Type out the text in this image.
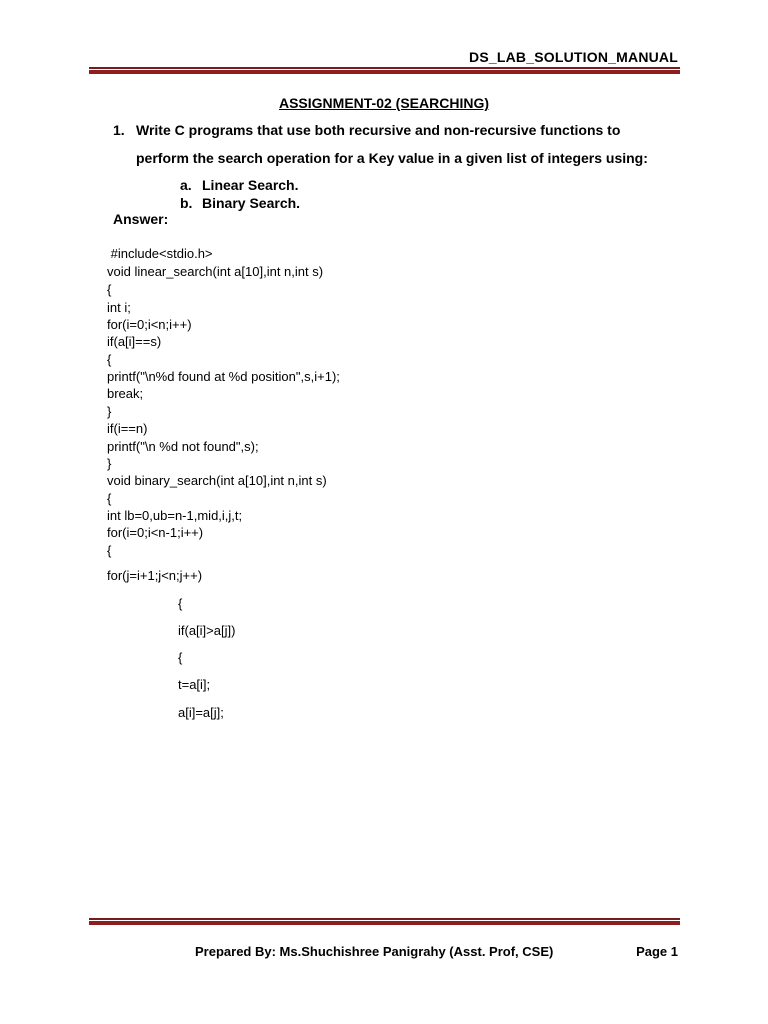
DS_LAB_SOLUTION_MANUAL
ASSIGNMENT-02 (SEARCHING)
1. Write C programs that use both recursive and non-recursive functions to
perform the search operation for a Key value in a given list of integers using:
a. Linear Search.
b. Binary Search.
Answer:
#include<stdio.h>
void linear_search(int a[10],int n,int s)
{
int i;
for(i=0;i<n;i++)
if(a[i]==s)
{
printf("\n%d found at %d position",s,i+1);
break;
}
if(i==n)
printf("\n %d not found",s);
}
void binary_search(int a[10],int n,int s)
{
int lb=0,ub=n-1,mid,i,j,t;
for(i=0;i<n-1;i++)
{
for(j=i+1;j<n;j++)
{
if(a[i]>a[j])
{
t=a[i];
a[i]=a[j];
Prepared By: Ms.Shuchishree Panigrahy (Asst. Prof, CSE)	Page 1
